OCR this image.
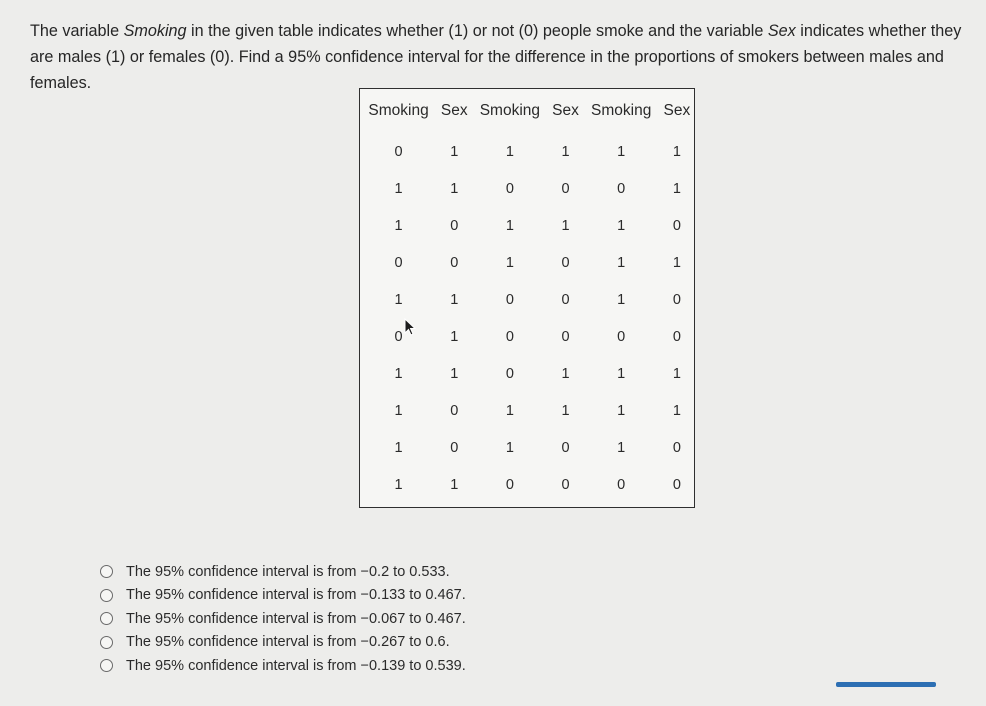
The variable Smoking in the given table indicates whether (1) or not (0) people smoke and the variable Sex indicates whether they are males (1) or females (0). Find a 95% confidence interval for the difference in the proportions of smokers between males and females.
Smoking	Sex	Smoking	Sex	Smoking	Sex
0	1	1	1	1	1
1	1	0	0	0	1
1	0	1	1	1	0
0	0	1	0	1	1
1	1	0	0	1	0
0	1	0	0	0	0
1	1	0	1	1	1
1	0	1	1	1	1
1	0	1	0	1	0
1	1	0	0	0	0
The 95% confidence interval is from −0.2 to 0.533.
The 95% confidence interval is from −0.133 to 0.467.
The 95% confidence interval is from −0.067 to 0.467.
The 95% confidence interval is from −0.267 to 0.6.
The 95% confidence interval is from −0.139 to 0.539.
